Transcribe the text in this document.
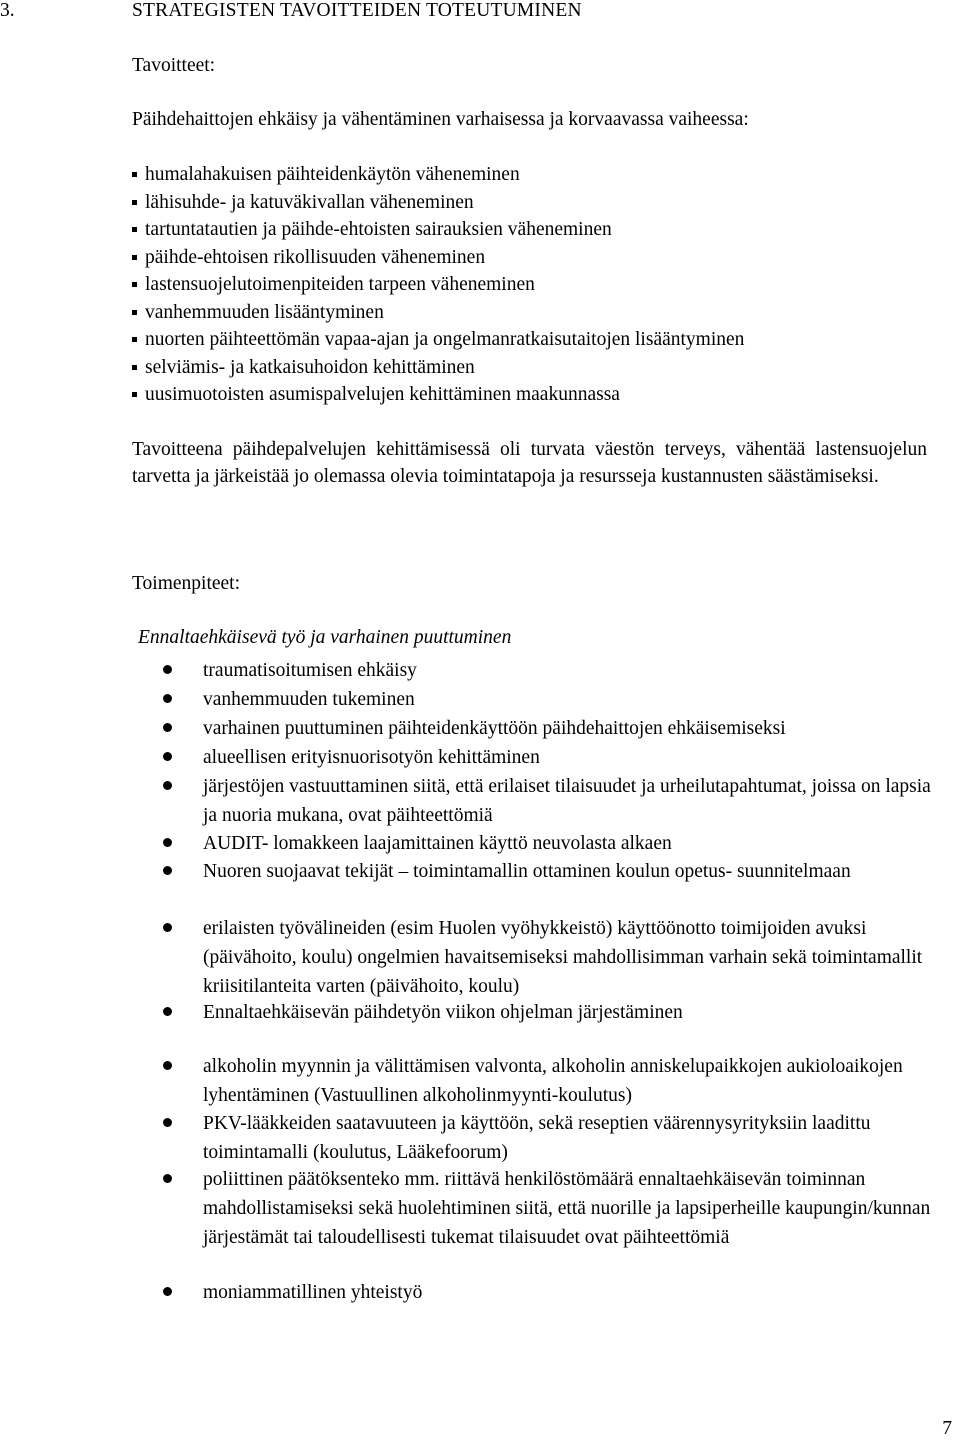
3.	STRATEGISTEN TAVOITTEIDEN TOTEUTUMINEN
Tavoitteet:
Päihdehaittojen ehkäisy ja vähentäminen varhaisessa ja korvaavassa vaiheessa:
humalahakuisen päihteidenkäytön väheneminen
lähisuhde- ja katuväkivallan väheneminen
tartuntatautien ja päihde-ehtoisten sairauksien väheneminen
päihde-ehtoisen rikollisuuden väheneminen
lastensuojelutoimenpiteiden tarpeen väheneminen
vanhemmuuden lisääntyminen
nuorten päihteettömän vapaa-ajan ja ongelmanratkaisutaitojen lisääntyminen
selviämis- ja katkaisuhoidon kehittäminen
uusimuotoisten asumispalvelujen kehittäminen maakunnassa

Tavoitteena päihdepalvelujen kehittämisessä oli turvata väestön terveys, vähentää lastensuojelun tarvetta ja järkeistää jo olemassa olevia toimintatapoja ja resursseja kustannusten säästämiseksi.

Toimenpiteet:
Ennaltaehkäisevä työ ja varhainen puuttuminen
traumatisoitumisen ehkäisy
vanhemmuuden tukeminen
varhainen puuttuminen päihteidenkäyttöön päihdehaittojen ehkäisemiseksi
alueellisen erityisnuorisotyön kehittäminen
järjestöjen vastuuttaminen siitä, että erilaiset tilaisuudet ja urheilutapahtumat, joissa on lapsia ja nuoria mukana, ovat päihteettömiä
AUDIT- lomakkeen laajamittainen käyttö neuvolasta alkaen
Nuoren suojaavat tekijät – toimintamallin ottaminen koulun opetus- suunnitelmaan
erilaisten työvälineiden (esim Huolen vyöhykkeistö) käyttöönotto toimijoiden avuksi (päivähoito, koulu) ongelmien havaitsemiseksi mahdollisimman varhain sekä toimintamallit kriisitilanteita varten (päivähoito, koulu)
Ennaltaehkäisevän päihdetyön viikon ohjelman järjestäminen
alkoholin myynnin ja välittämisen valvonta, alkoholin anniskelupaikkojen aukioloaikojen lyhentäminen (Vastuullinen alkoholinmyynti-koulutus)
PKV-lääkkeiden saatavuuteen ja käyttöön, sekä reseptien väärennysyrityksiin laadittu toimintamalli (koulutus, Lääkefoorum)
poliittinen päätöksenteko mm. riittävä henkilöstömäärä ennaltaehkäisevän toiminnan mahdollistamiseksi sekä huolehtiminen siitä, että nuorille ja lapsiperheille kaupungin/kunnan järjestämät tai taloudellisesti tukemat tilaisuudet ovat päihteettömiä
moniammatillinen yhteistyö
7
